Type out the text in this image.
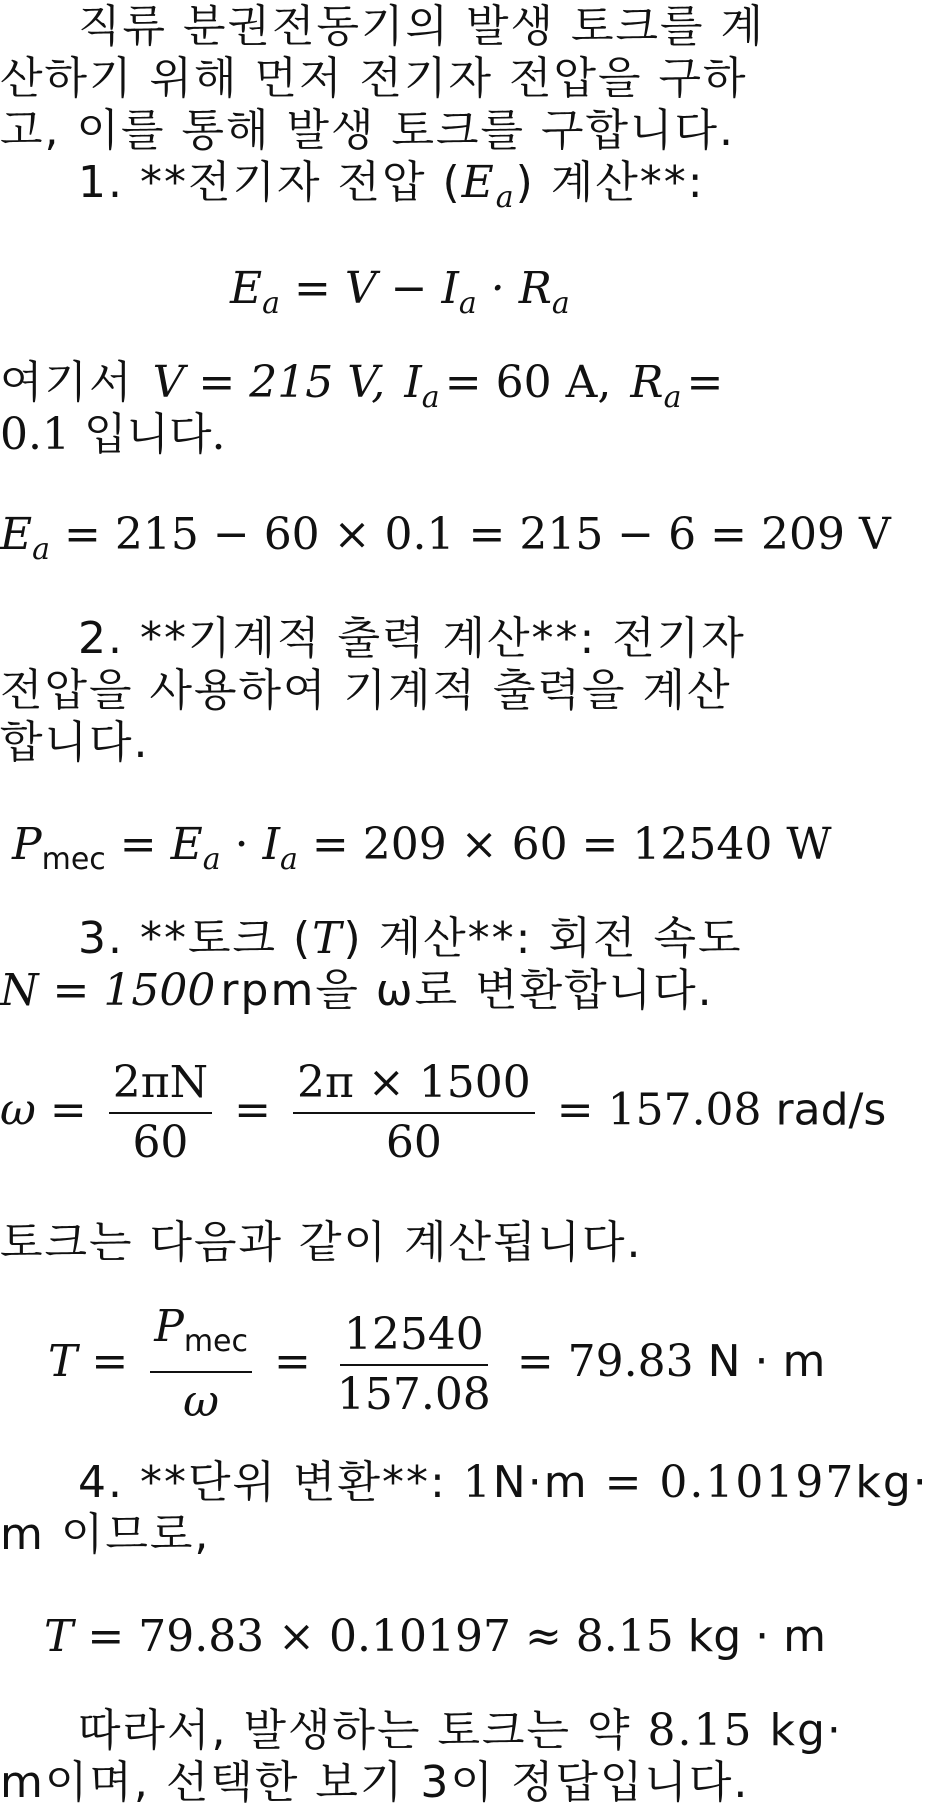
직류 분권전동기의 발생 토크를 계
산하기 위해 먼저 전기자 전압을 구하
고, 이를 통해 발생 토크를 구합니다.
1. **전기자 전압 $(E_a)$ 계산**:
$E_a = V - I_a \cdot R_a$
여기서 V = 215 V, $I_a = 60$ A, $R_a$ =
0.1 입니다.
$E_a = 215 - 60 \times 0.1 = 215 - 6 = 209$ V
2. **기계적 출력 계산**: 전기자
전압을 사용하여 기계적 출력을 계산
합니다.
$P_{mec} = E_a \cdot I_a = 209 \times 60 = 12540$ W
3. **토크 (T) 계산**: 회전 속도
N = 1500 rpm을 ω로 변환합니다.
$\omega = \frac{2\pi N}{60} = \frac{2\pi \times 1500}{60} = 157.08$ rad/s
토크는 다음과 같이 계산됩니다.
$T = \frac{P_{mec}}{\omega} = \frac{12540}{157.08} = 79.83$ N · m
4. **단위 변환**: 1N·m = 0.10197kg·
m 이므로,
T = 79.83 × 0.10197 ≈ 8.15 kg · m
따라서, 발생하는 토크는 약 8.15 kg·
m이며, 선택한 보기 3이 정답입니다.
